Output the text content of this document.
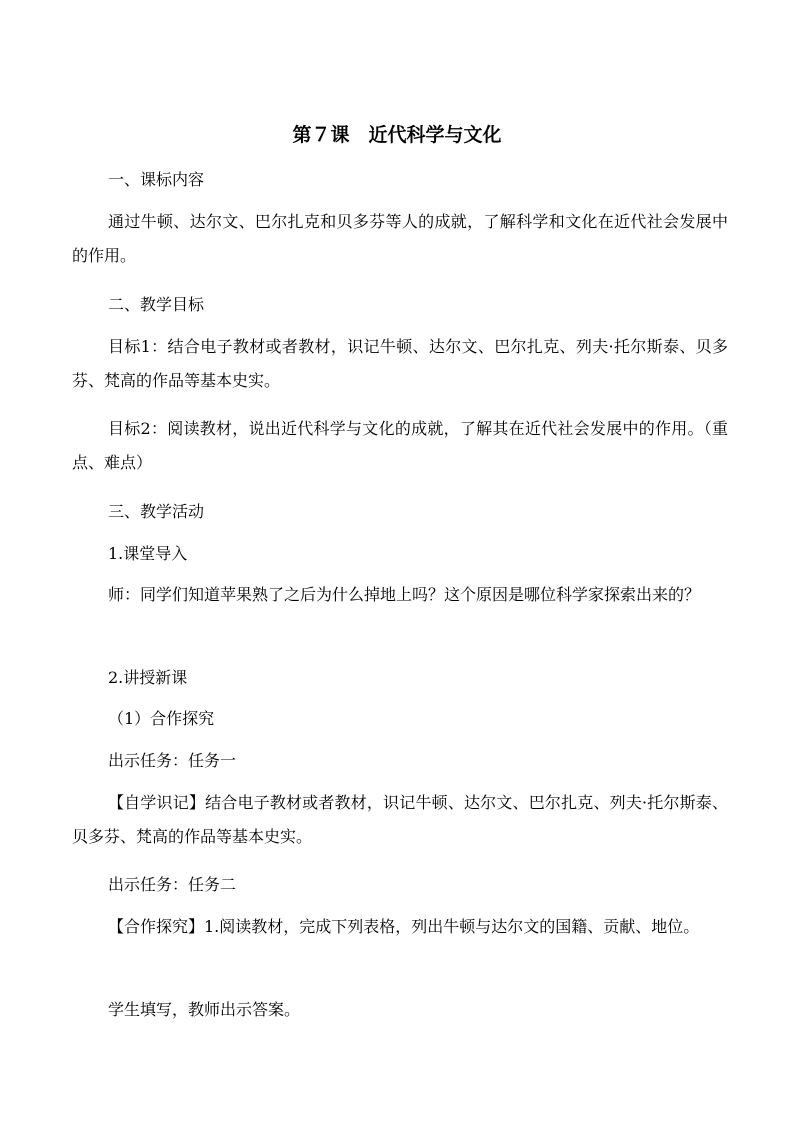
第７课　近代科学与文化

一、课标内容

通过牛顿、达尔文、巴尔扎克和贝多芬等人的成就，了解科学和文化在近代社会发展中的作用。

二、教学目标

目标1：结合电子教材或者教材，识记牛顿、达尔文、巴尔扎克、列夫·托尔斯泰、贝多芬、梵高的作品等基本史实。

目标2：阅读教材，说出近代科学与文化的成就，了解其在近代社会发展中的作用。（重点、难点）

三、教学活动

1.课堂导入

师：同学们知道苹果熟了之后为什么掉地上吗？这个原因是哪位科学家探索出来的？

2.讲授新课

（1）合作探究

出示任务：任务一

【自学识记】结合电子教材或者教材，识记牛顿、达尔文、巴尔扎克、列夫·托尔斯泰、贝多芬、梵高的作品等基本史实。

出示任务：任务二

【合作探究】1.阅读教材，完成下列表格，列出牛顿与达尔文的国籍、贡献、地位。

学生填写，教师出示答案。
